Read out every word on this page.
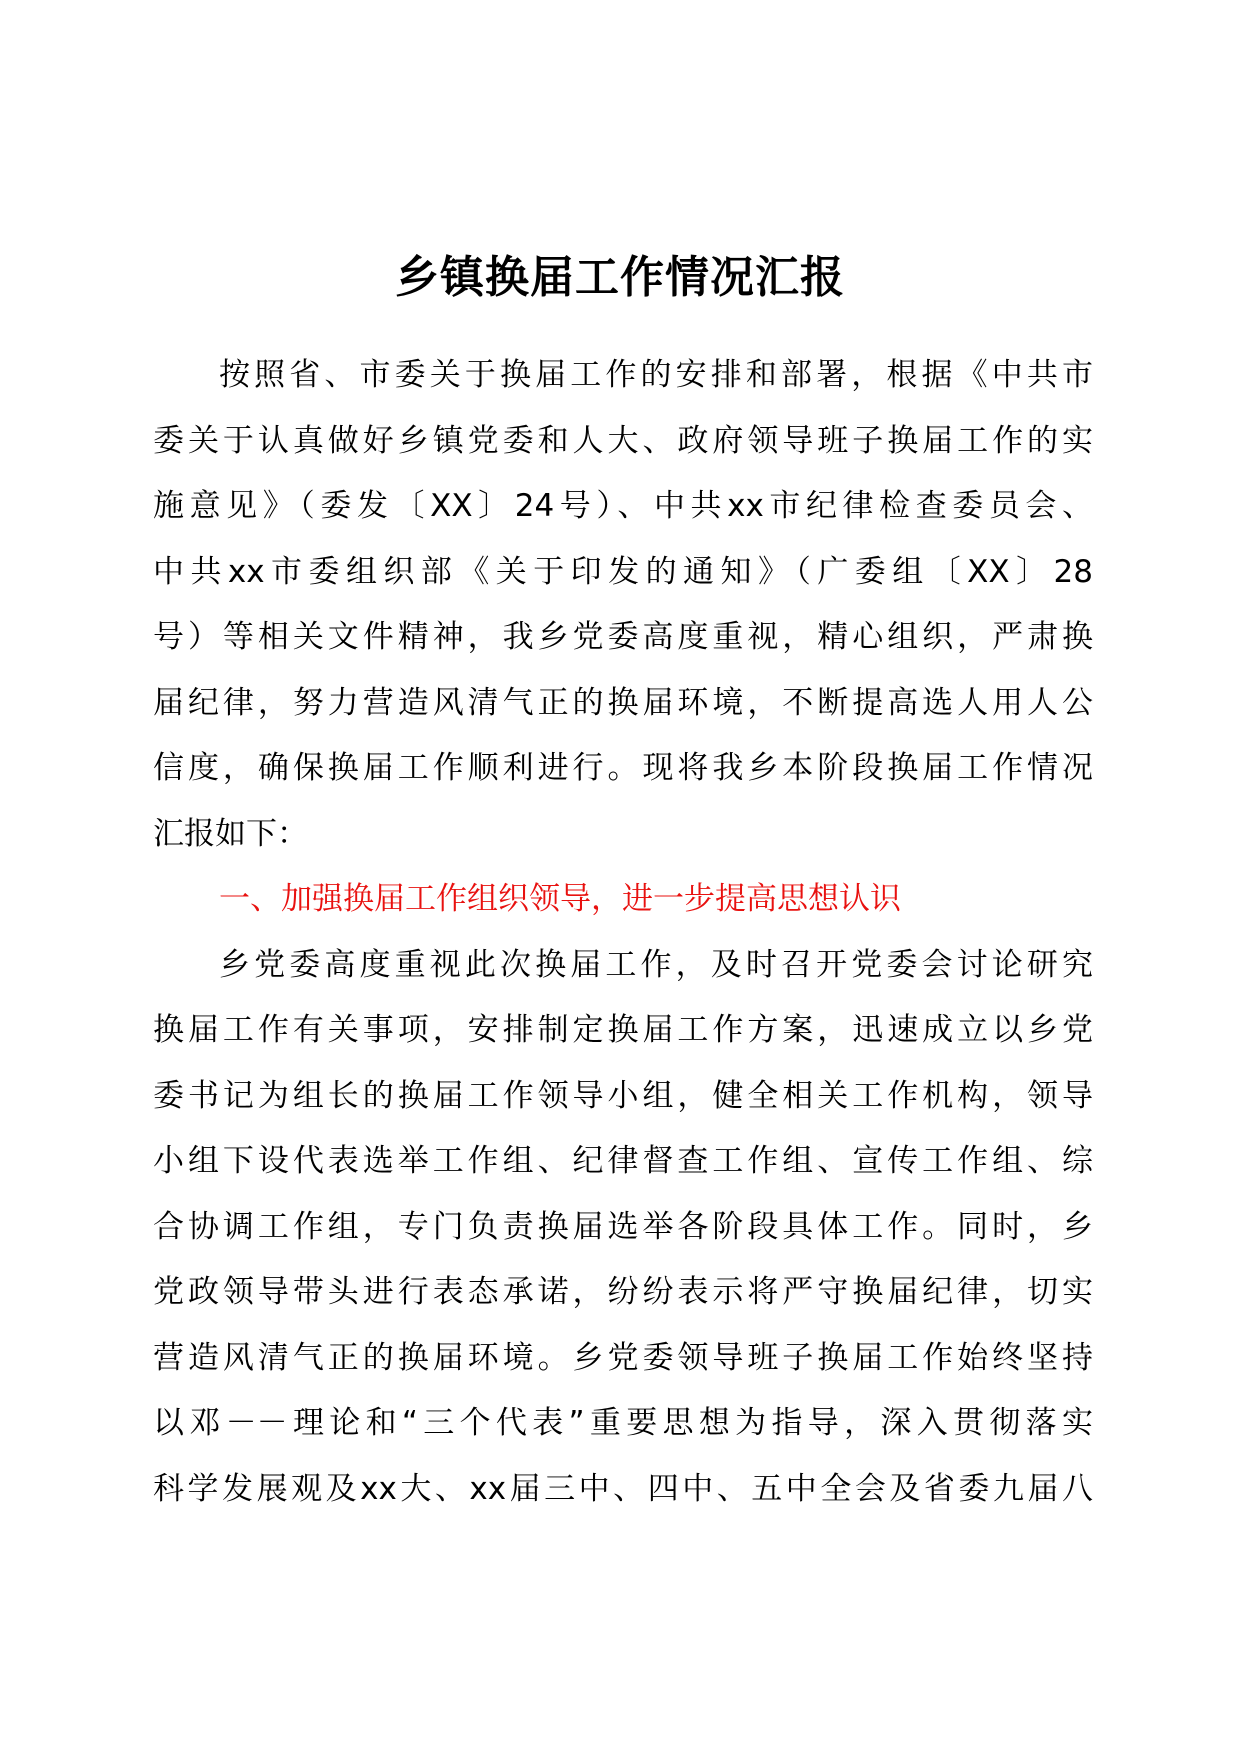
乡镇换届工作情况汇报
按照省、市委关于换届工作的安排和部署，根据《中共市
委关于认真做好乡镇党委和人大、政府领导班子换届工作的实
施意见》（委发〔XX〕24号）、中共xx市纪律检查委员会、
中共xx市委组织部《关于印发的通知》（广委组〔XX〕28
号）等相关文件精神，我乡党委高度重视，精心组织，严肃换
届纪律，努力营造风清气正的换届环境，不断提高选人用人公
信度，确保换届工作顺利进行。现将我乡本阶段换届工作情况
汇报如下：
一、加强换届工作组织领导，进一步提高思想认识
乡党委高度重视此次换届工作，及时召开党委会讨论研究
换届工作有关事项，安排制定换届工作方案，迅速成立以乡党
委书记为组长的换届工作领导小组，健全相关工作机构，领导
小组下设代表选举工作组、纪律督查工作组、宣传工作组、综
合协调工作组，专门负责换届选举各阶段具体工作。同时，乡
党政领导带头进行表态承诺，纷纷表示将严守换届纪律，切实
营造风清气正的换届环境。乡党委领导班子换届工作始终坚持
以邓－－理论和“三个代表”重要思想为指导，深入贯彻落实
科学发展观及xx大、xx届三中、四中、五中全会及省委九届八
